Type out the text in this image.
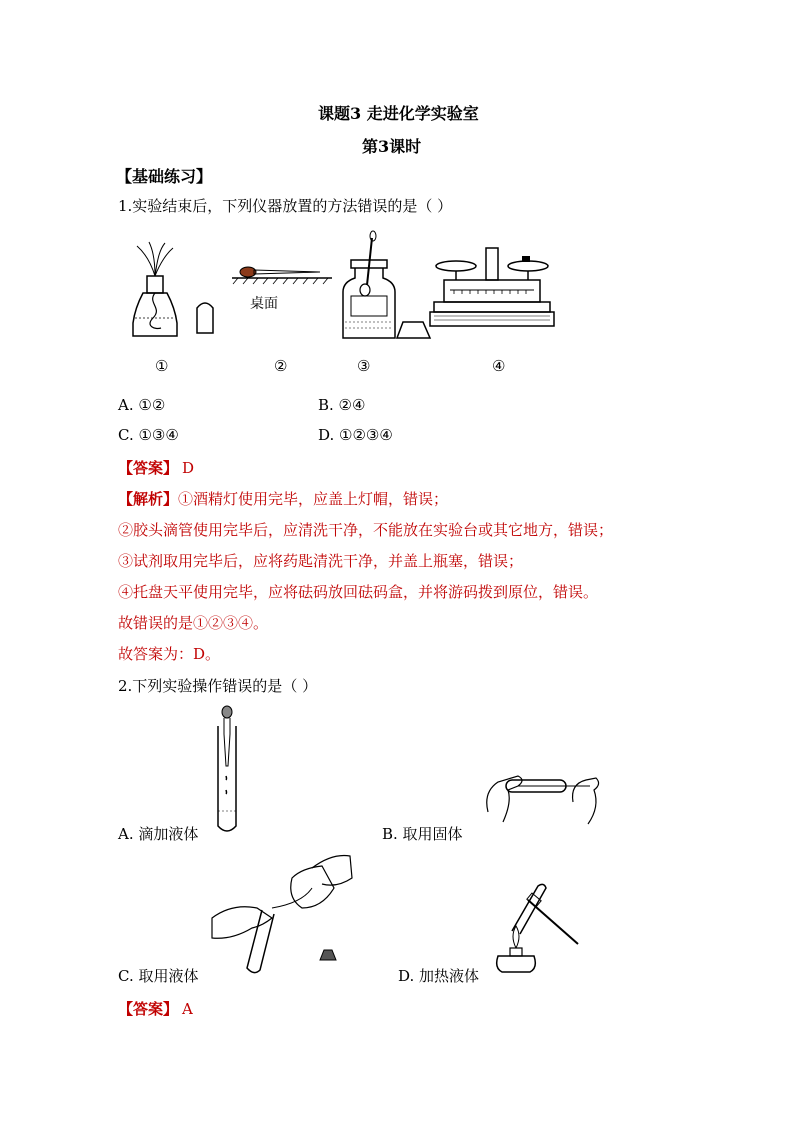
课题3 走进化学实验室
第3课时
【基础练习】
1.实验结束后，下列仪器放置的方法错误的是（ ）
桌面
①	②	③	④
A. ①②	B. ②④
C. ①③④	D. ①②③④
【答案】 D
【解析】①酒精灯使用完毕，应盖上灯帽，错误；
②胶头滴管使用完毕后，应清洗干净，不能放在实验台或其它地方，错误；
③试剂取用完毕后，应将药匙清洗干净，并盖上瓶塞，错误；
④托盘天平使用完毕，应将砝码放回砝码盒，并将游码拨到原位，错误。
故错误的是①②③④。
故答案为：D。
2.下列实验操作错误的是（ ）
A. 滴加液体	B. 取用固体
C. 取用液体	D. 加热液体
【答案】 A
